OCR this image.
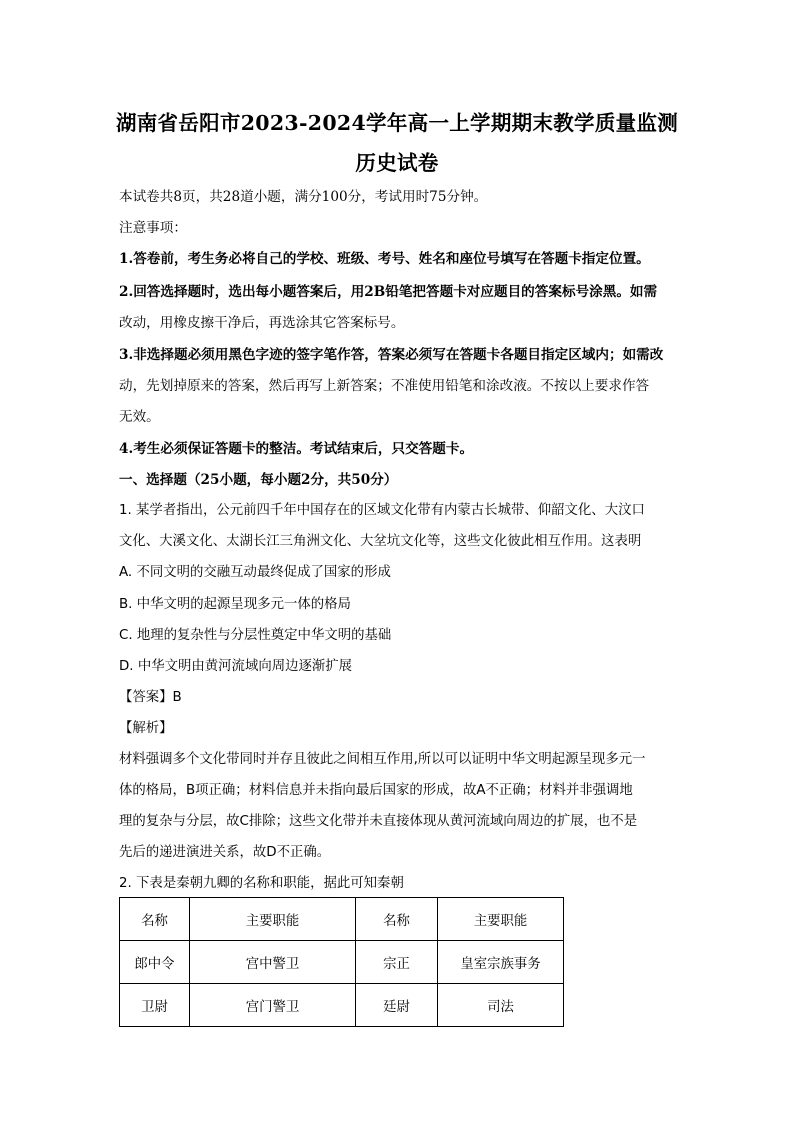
湖南省岳阳市2023-2024学年高一上学期期末教学质量监测
历史试卷
本试卷共8页，共28道小题，满分100分，考试用时75分钟。
注意事项：
1.答卷前，考生务必将自己的学校、班级、考号、姓名和座位号填写在答题卡指定位置。
2.回答选择题时，选出每小题答案后，用2B铅笔把答题卡对应题目的答案标号涂黑。如需
改动，用橡皮擦干净后，再选涂其它答案标号。
3.非选择题必须用黑色字迹的签字笔作答，答案必须写在答题卡各题目指定区域内；如需改
动，先划掉原来的答案，然后再写上新答案；不准使用铅笔和涂改液。不按以上要求作答
无效。
4.考生必须保证答题卡的整洁。考试结束后，只交答题卡。
一、选择题（25小题，每小题2分，共50分）
1. 某学者指出，公元前四千年中国存在的区域文化带有内蒙古长城带、仰韶文化、大汶口
文化、大溪文化、太湖长江三角洲文化、大坌坑文化等，这些文化彼此相互作用。这表明
A. 不同文明的交融互动最终促成了国家的形成
B. 中华文明的起源呈现多元一体的格局
C. 地理的复杂性与分层性奠定中华文明的基础
D. 中华文明由黄河流域向周边逐渐扩展
【答案】B
【解析】
材料强调多个文化带同时并存且彼此之间相互作用,所以可以证明中华文明起源呈现多元一
体的格局，B项正确；材料信息并未指向最后国家的形成，故A不正确；材料并非强调地
理的复杂与分层，故C排除；这些文化带并未直接体现从黄河流域向周边的扩展，也不是
先后的递进演进关系，故D不正确。
2. 下表是秦朝九卿的名称和职能，据此可知秦朝
名称	主要职能	名称	主要职能
郎中令	宫中警卫	宗正	皇室宗族事务
卫尉	宫门警卫	廷尉	司法
